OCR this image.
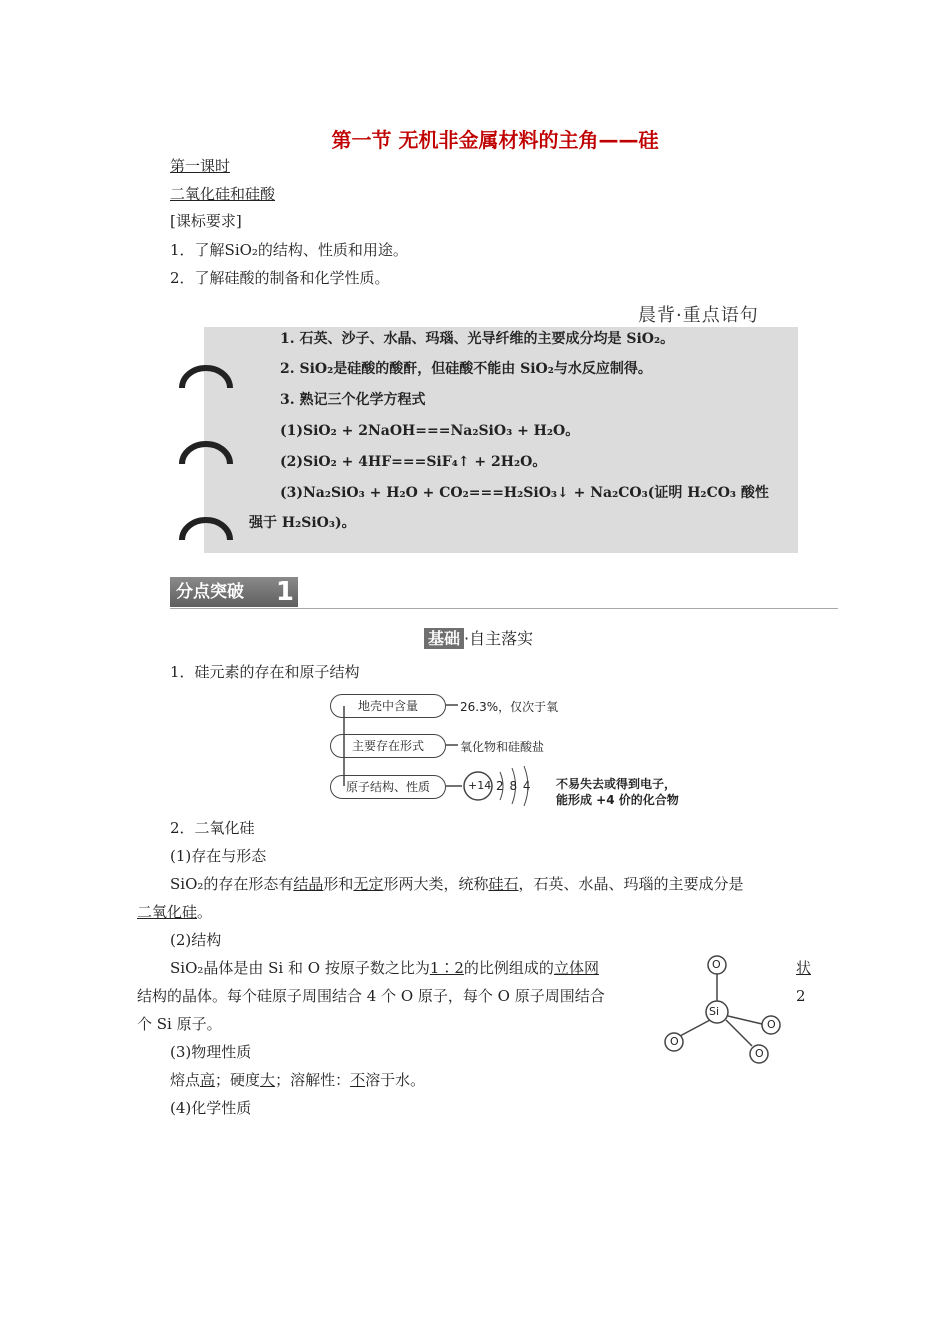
第一节 无机非金属材料的主角——硅
第一课时
二氧化硅和硅酸
[课标要求]
1．了解SiO₂的结构、性质和用途。
2．了解硅酸的制备和化学性质。
晨背·重点语句
1. 石英、沙子、水晶、玛瑙、光导纤维的主要成分均是 SiO₂。
2. SiO₂是硅酸的酸酐，但硅酸不能由 SiO₂与水反应制得。
3. 熟记三个化学方程式
(1)SiO₂ + 2NaOH===Na₂SiO₃ + H₂O。
(2)SiO₂ + 4HF===SiF₄↑ + 2H₂O。
(3)Na₂SiO₃ + H₂O + CO₂===H₂SiO₃↓ + Na₂CO₃(证明 H₂CO₃ 酸性
强于 H₂SiO₃)。
分点突破 1
基础 ·自主落实
1．硅元素的存在和原子结构
地壳中含量	26.3%，仅次于氧
主要存在形式	氧化物和硅酸盐
原子结构、性质	+14 2 8 4 不易失去或得到电子，
能形成 +4 价的化合物
2．二氧化硅
(1)存在与形态
SiO₂的存在形态有结晶形和无定形两大类，统称硅石，石英、水晶、玛瑙的主要成分是
二氧化硅。
(2)结构
SiO₂晶体是由 Si 和 O 按原子数之比为1∶2的比例组成的立体网	状
结构的晶体。每个硅原子周围结合 4 个 O 原子，每个 O 原子周围结合	2
个 Si 原子。
O
Si
O
O
O
(3)物理性质
熔点高；硬度大；溶解性：不溶于水。
(4)化学性质
